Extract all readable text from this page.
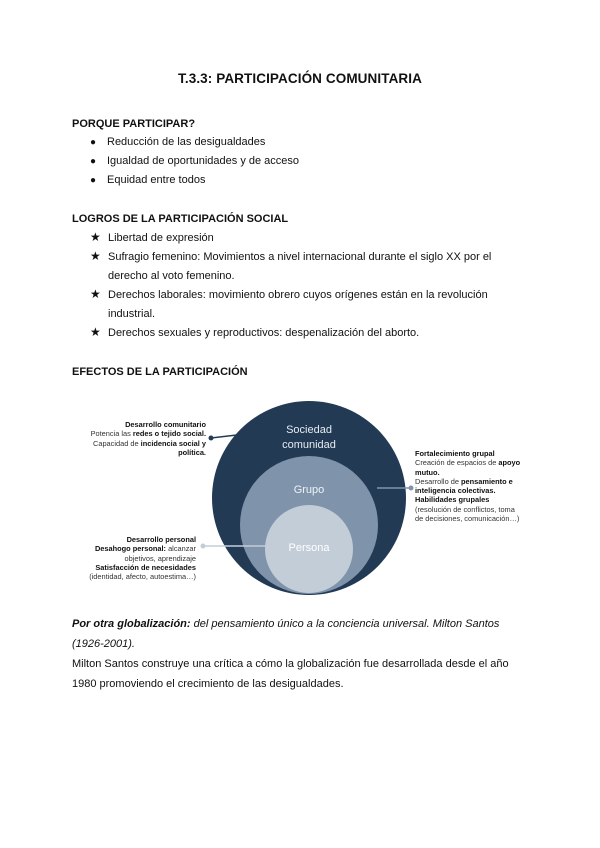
T.3.3: PARTICIPACIÓN COMUNITARIA
PORQUE PARTICIPAR?
● Reducción de las desigualdades
● Igualdad de oportunidades y de acceso
● Equidad entre todos
LOGROS DE LA PARTICIPACIÓN SOCIAL
★ Libertad de expresión
★ Sufragio femenino: Movimientos a nivel internacional durante el siglo XX por el
derecho al voto femenino.
★ Derechos laborales: movimiento obrero cuyos orígenes están en la revolución
industrial.
★ Derechos sexuales y reproductivos: despenalización del aborto.
EFECTOS DE LA PARTICIPACIÓN
Sociedad
comunidad
Grupo
Persona
Desarrollo comunitario
Potencia las redes o tejido social.
Capacidad de incidencia social y
política.
Desarrollo personal
Desahogo personal: alcanzar
objetivos, aprendizaje
Satisfacción de necesidades
(identidad, afecto, autoestima…)
Fortalecimiento grupal
Creación de espacios de apoyo
mutuo.
Desarrollo de pensamiento e
inteligencia colectivas.
Habilidades grupales
(resolución de conflictos, toma
de decisiones, comunicación…)
Por otra globalización: del pensamiento único a la conciencia universal. Milton Santos
(1926-2001).
Milton Santos construye una crítica a cómo la globalización fue desarrollada desde el año
1980 promoviendo el crecimiento de las desigualdades.
